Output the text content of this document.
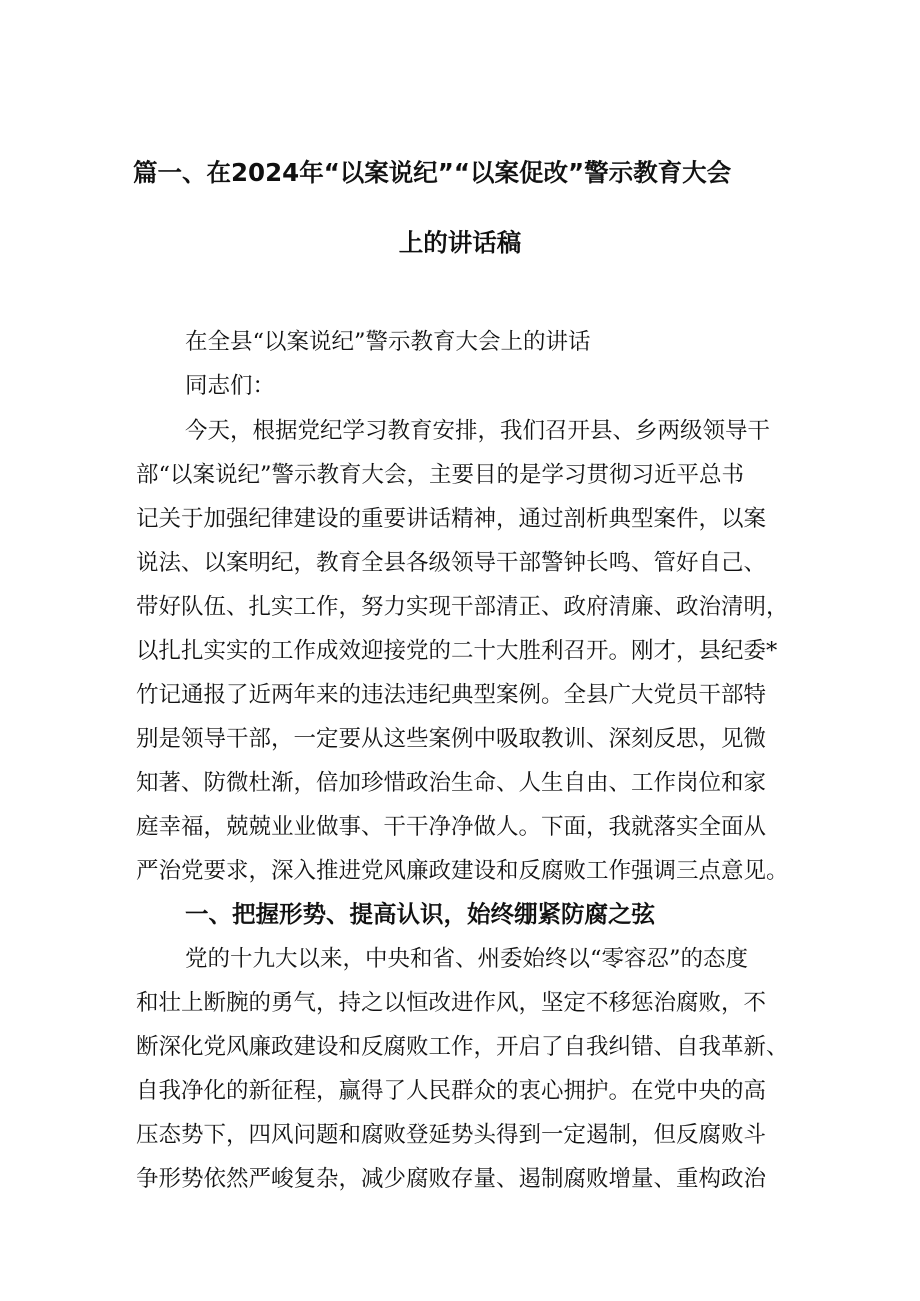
篇一、在2024年“以案说纪”“以案促改”警示教育大会
上的讲话稿

在全县“以案说纪”警示教育大会上的讲话

同志们：

今天，根据党纪学习教育安排，我们召开县、乡两级领导干

部“以案说纪”警示教育大会，主要目的是学习贯彻习近平总书

记关于加强纪律建设的重要讲话精神，通过剖析典型案件，以案

说法、以案明纪，教育全县各级领导干部警钟长鸣、管好自己、

带好队伍、扎实工作，努力实现干部清正、政府清廉、政治清明，

以扎扎实实的工作成效迎接党的二十大胜利召开。刚才，县纪委*

竹记通报了近两年来的违法违纪典型案例。全县广大党员干部特

别是领导干部，一定要从这些案例中吸取教训、深刻反思，见微

知著、防微杜渐，倍加珍惜政治生命、人生自由、工作岗位和家

庭幸福，兢兢业业做事、干干净净做人。下面，我就落实全面从

严治党要求，深入推进党风廉政建设和反腐败工作强调三点意见。

一、把握形势、提高认识，始终绷紧防腐之弦

党的十九大以来，中央和省、州委始终以“零容忍”的态度

和壮上断腕的勇气，持之以恒改进作风，坚定不移惩治腐败，不

断深化党风廉政建设和反腐败工作，开启了自我纠错、自我革新、

自我净化的新征程，赢得了人民群众的衷心拥护。在党中央的高

压态势下，四风问题和腐败登延势头得到一定遏制，但反腐败斗

争形势依然严峻复杂，减少腐败存量、遏制腐败增量、重构政治
